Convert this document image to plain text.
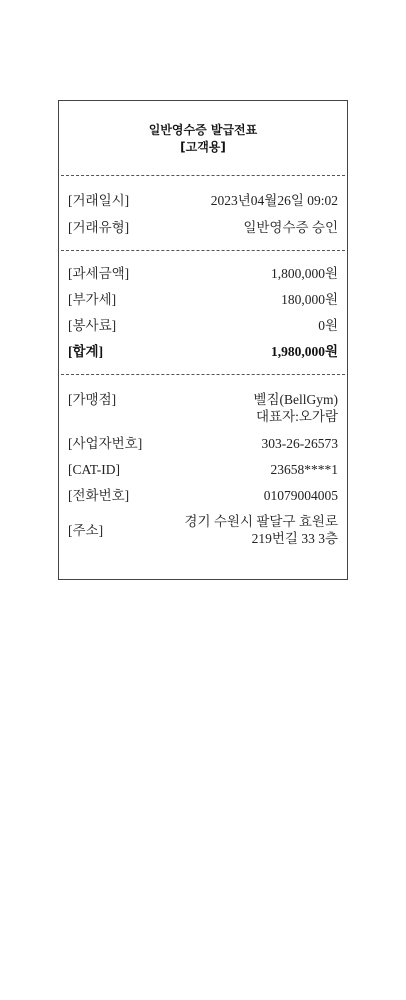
일반영수증 발급전표
[고객용]
[거래일시]	2023년04월26일 09:02
[거래유형]	일반영수증 승인
[과세금액]	1,800,000원
[부가세]	180,000원
[봉사료]	0원
[합계]	1,980,000원
[가맹점]	벨짐(BellGym)
대표자:오가람
[사업자번호]	303-26-26573
[CAT-ID]	23658****1
[전화번호]	01079004005
[주소]
경기 수원시 팔달구 효원로
219번길 33 3층
